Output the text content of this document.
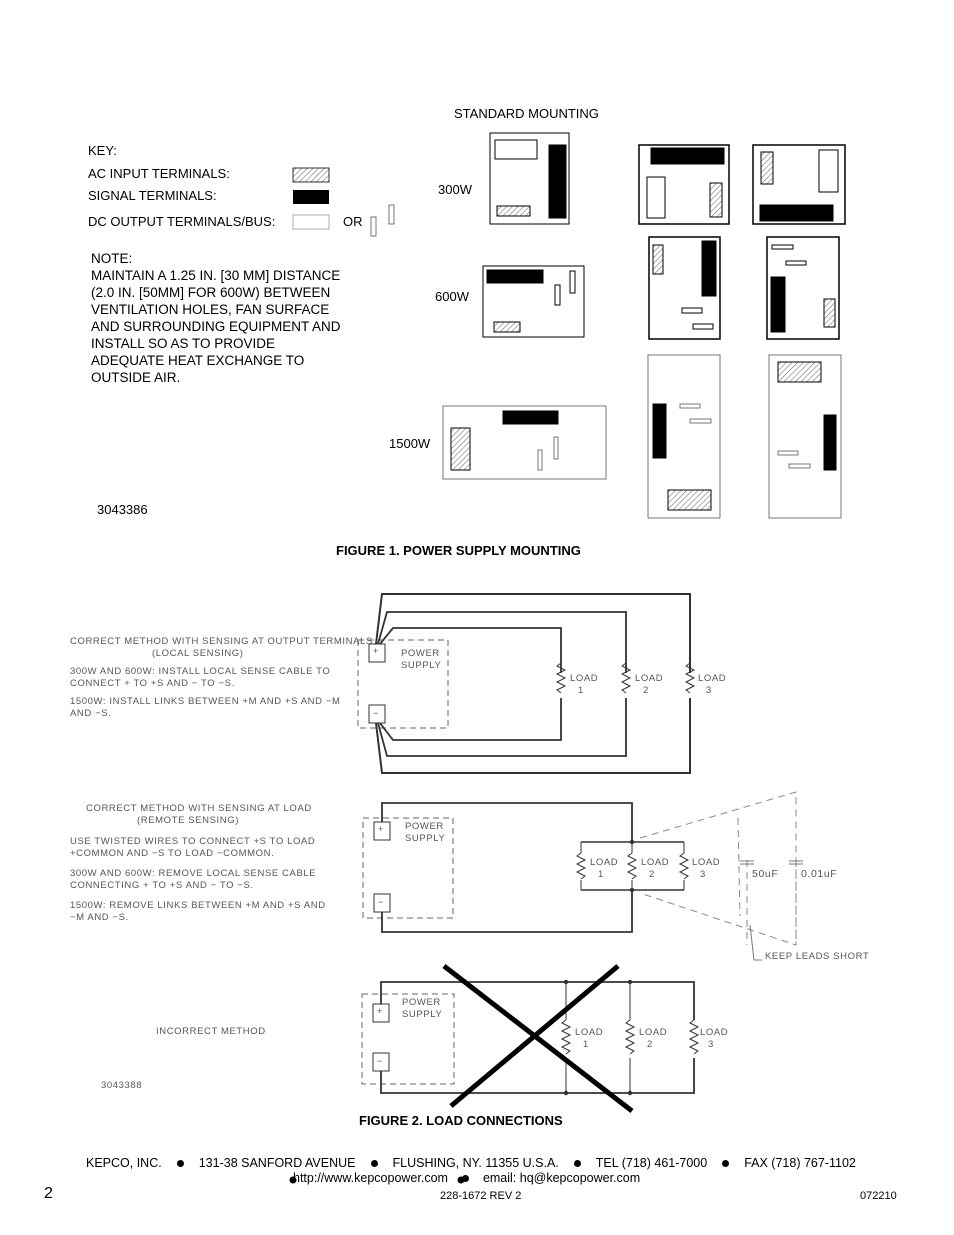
STANDARD MOUNTING
KEY:
AC INPUT TERMINALS:
SIGNAL TERMINALS:
DC OUTPUT TERMINALS/BUS:	OR
NOTE:
MAINTAIN A 1.25 IN. [30 MM] DISTANCE
(2.0 IN. [50MM] FOR 600W) BETWEEN
VENTILATION HOLES, FAN SURFACE
AND SURROUNDING EQUIPMENT AND
INSTALL SO AS TO PROVIDE
ADEQUATE HEAT EXCHANGE TO
OUTSIDE AIR.
300W
600W
1500W
3043386
FIGURE 1. POWER SUPPLY MOUNTING
CORRECT METHOD WITH SENSING AT OUTPUT TERMINALS
(LOCAL SENSING)
300W AND 600W: INSTALL LOCAL SENSE CABLE TO
CONNECT + TO +S AND − TO −S.
1500W: INSTALL LINKS BETWEEN +M AND +S AND −M
AND −S.
+
−
POWER
SUPPLY
LOAD
1
LOAD
2
LOAD
3
CORRECT METHOD WITH SENSING AT LOAD
(REMOTE SENSING)
USE TWISTED WIRES TO CONNECT +S TO LOAD
+COMMON AND −S TO LOAD −COMMON.
300W AND 600W: REMOVE LOCAL SENSE CABLE
CONNECTING + TO +S AND − TO −S.
1500W: REMOVE LINKS BETWEEN +M AND +S AND
−M AND −S.
+
−
POWER
SUPPLY
LOAD
1
LOAD
2
LOAD
3	50uF 0.01uF
KEEP LEADS SHORT
INCORRECT METHOD
+
−
POWER
SUPPLY
LOAD
1
LOAD
2
LOAD
3
3043388
FIGURE 2. LOAD CONNECTIONS
KEPCO, INC.	131-38 SANFORD AVENUE	FLUSHING, NY. 11355 U.S.A.	TEL (718) 461-7000	FAX (718) 767-1102
http://www.kepcopower.com	email: hq@kepcopower.com
2	228-1672 REV 2	072210
